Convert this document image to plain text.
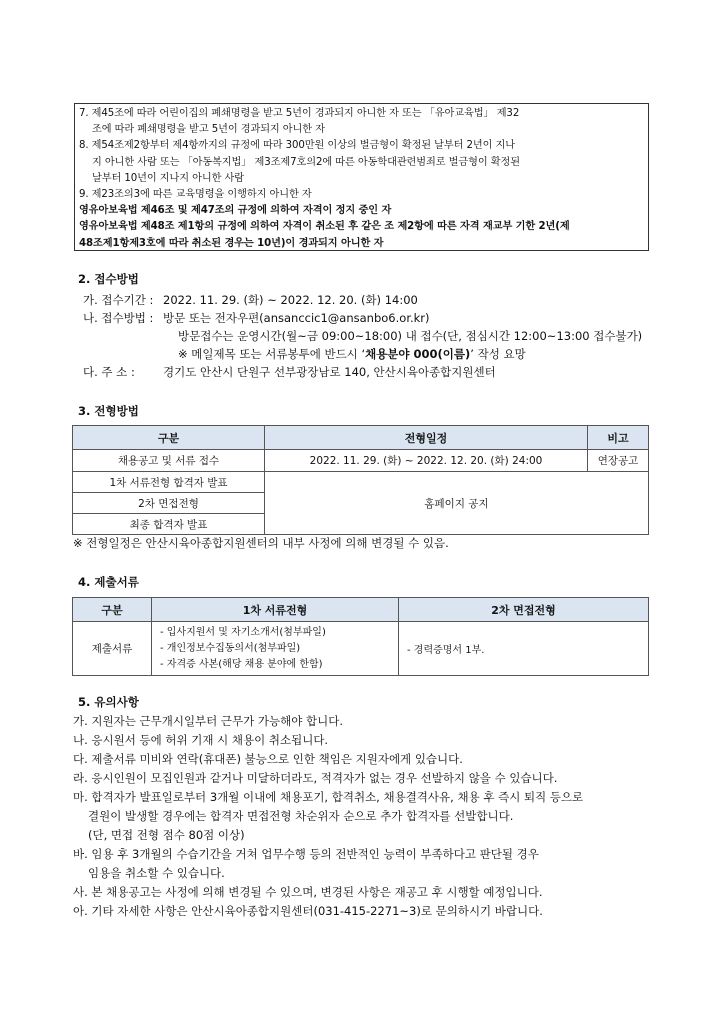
7. 제45조에 따라 어린이집의 폐쇄명령을 받고 5년이 경과되지 아니한 자 또는 「유아교육법」 제32
조에 따라 폐쇄명령을 받고 5년이 경과되지 아니한 자
8. 제54조제2항부터 제4항까지의 규정에 따라 300만원 이상의 벌금형이 확정된 날부터 2년이 지나
지 아니한 사람 또는 「아동복지법」 제3조제7호의2에 따른 아동학대관련범죄로 벌금형이 확정된
날부터 10년이 지나지 아니한 사람
9. 제23조의3에 따른 교육명령을 이행하지 아니한 자
영유아보육법 제46조 및 제47조의 규정에 의하여 자격이 정지 중인 자
영유아보육법 제48조 제1항의 규정에 의하여 자격이 취소된 후 같은 조 제2항에 따른 자격 재교부 기한 2년(제
48조제1항제3호에 따라 취소된 경우는 10년)이 경과되지 아니한 자
2. 접수방법
가. 접수기간 : 2022. 11. 29. (화) ~ 2022. 12. 20. (화) 14:00
나. 접수방법 : 방문 또는 전자우편(ansanccic1@ansanbo6.or.kr)
방문접수는 운영시간(월~금 09:00~18:00) 내 접수(단, 점심시간 12:00~13:00 접수불가)
※ 메일제목 또는 서류봉투에 반드시 ‘채용분야 000(이름)’ 작성 요망
다. 주 소 : 경기도 안산시 단원구 선부광장남로 140, 안산시육아종합지원센터
3. 전형방법
구분	전형일정	비고
채용공고 및 서류 접수	2022. 11. 29. (화) ~ 2022. 12. 20. (화) 24:00	연장공고
1차 서류전형 합격자 발표	홈페이지 공지	
2차 면접전형		
최종 합격자 발표		
※ 전형일정은 안산시육아종합지원센터의 내부 사정에 의해 변경될 수 있음.
4. 제출서류
구분	1차 서류전형	2차 면접전형
제출서류	- 입사지원서 및 자기소개서(첨부파일)
- 개인정보수집동의서(첨부파일)
- 자격증 사본(해당 채용 분야에 한함)	- 경력증명서 1부.
5. 유의사항
가. 지원자는 근무개시일부터 근무가 가능해야 합니다.
나. 응시원서 등에 허위 기재 시 채용이 취소됩니다.
다. 제출서류 미비와 연락(휴대폰) 불능으로 인한 책임은 지원자에게 있습니다.
라. 응시인원이 모집인원과 같거나 미달하더라도, 적격자가 없는 경우 선발하지 않을 수 있습니다.
마. 합격자가 발표일로부터 3개월 이내에 채용포기, 합격취소, 채용결격사유, 채용 후 즉시 퇴직 등으로
결원이 발생할 경우에는 합격자 면접전형 차순위자 순으로 추가 합격자를 선발합니다.
(단, 면접 전형 점수 80점 이상)
바. 임용 후 3개월의 수습기간을 거쳐 업무수행 등의 전반적인 능력이 부족하다고 판단될 경우
임용을 취소할 수 있습니다.
사. 본 채용공고는 사정에 의해 변경될 수 있으며, 변경된 사항은 재공고 후 시행할 예정입니다.
아. 기타 자세한 사항은 안산시육아종합지원센터(031-415-2271~3)로 문의하시기 바랍니다.
